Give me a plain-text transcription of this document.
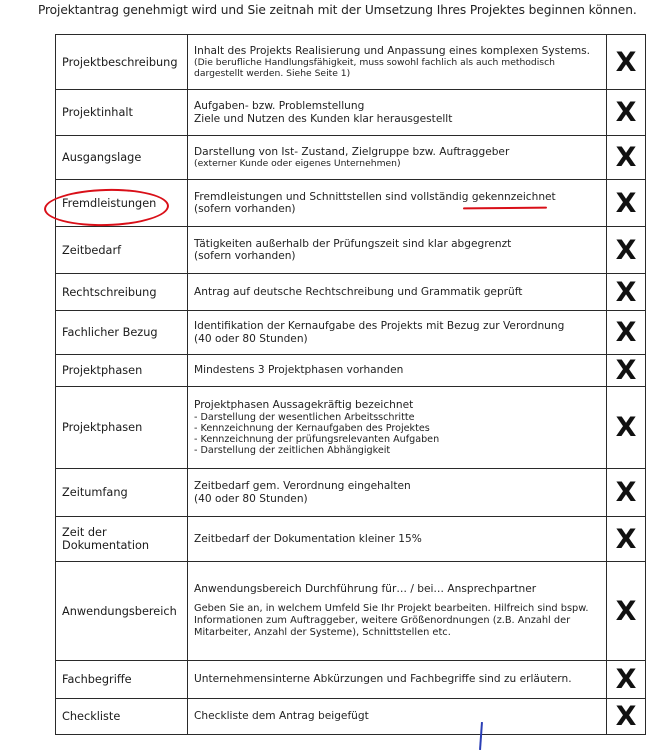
Projektantrag genehmigt wird und Sie zeitnah mit der Umsetzung Ihres Projektes beginnen können.
Projektbeschreibung	Inhalt des Projekts Realisierung und Anpassung eines komplexen Systems.
(Die berufliche Handlungsfähigkeit, muss sowohl fachlich als auch methodisch dargestellt werden. Siehe Seite 1)	X
Projektinhalt	Aufgaben- bzw. Problemstellung
Ziele und Nutzen des Kunden klar herausgestellt	X
Ausgangslage	Darstellung von Ist- Zustand, Zielgruppe bzw. Auftraggeber
(externer Kunde oder eigenes Unternehmen)	X
Fremdleistungen	Fremdleistungen und Schnittstellen sind vollständig gekennzeichnet
(sofern vorhanden)	X
Zeitbedarf	Tätigkeiten außerhalb der Prüfungszeit sind klar abgegrenzt
(sofern vorhanden)	X
Rechtschreibung	Antrag auf deutsche Rechtschreibung und Grammatik geprüft	X
Fachlicher Bezug	Identifikation der Kernaufgabe des Projekts mit Bezug zur Verordnung
(40 oder 80 Stunden)	X
Projektphasen	Mindestens 3 Projektphasen vorhanden	X
Projektphasen	Projektphasen Aussagekräftig bezeichnet
- Darstellung der wesentlichen Arbeitsschritte
- Kennzeichnung der Kernaufgaben des Projektes
- Kennzeichnung der prüfungsrelevanten Aufgaben
- Darstellung der zeitlichen Abhängigkeit	X
Zeitumfang	Zeitbedarf gem. Verordnung eingehalten
(40 oder 80 Stunden)	X
Zeit der Dokumentation	Zeitbedarf der Dokumentation kleiner 15%	X
Anwendungsbereich	Anwendungsbereich Durchführung für… / bei… Ansprechpartner
Geben Sie an, in welchem Umfeld Sie Ihr Projekt bearbeiten. Hilfreich sind bspw. Informationen zum Auftraggeber, weitere Größenordnungen (z.B. Anzahl der Mitarbeiter, Anzahl der Systeme), Schnittstellen etc.	X
Fachbegriffe	Unternehmensinterne Abkürzungen und Fachbegriffe sind zu erläutern.	X
Checkliste	Checkliste dem Antrag beigefügt	X
